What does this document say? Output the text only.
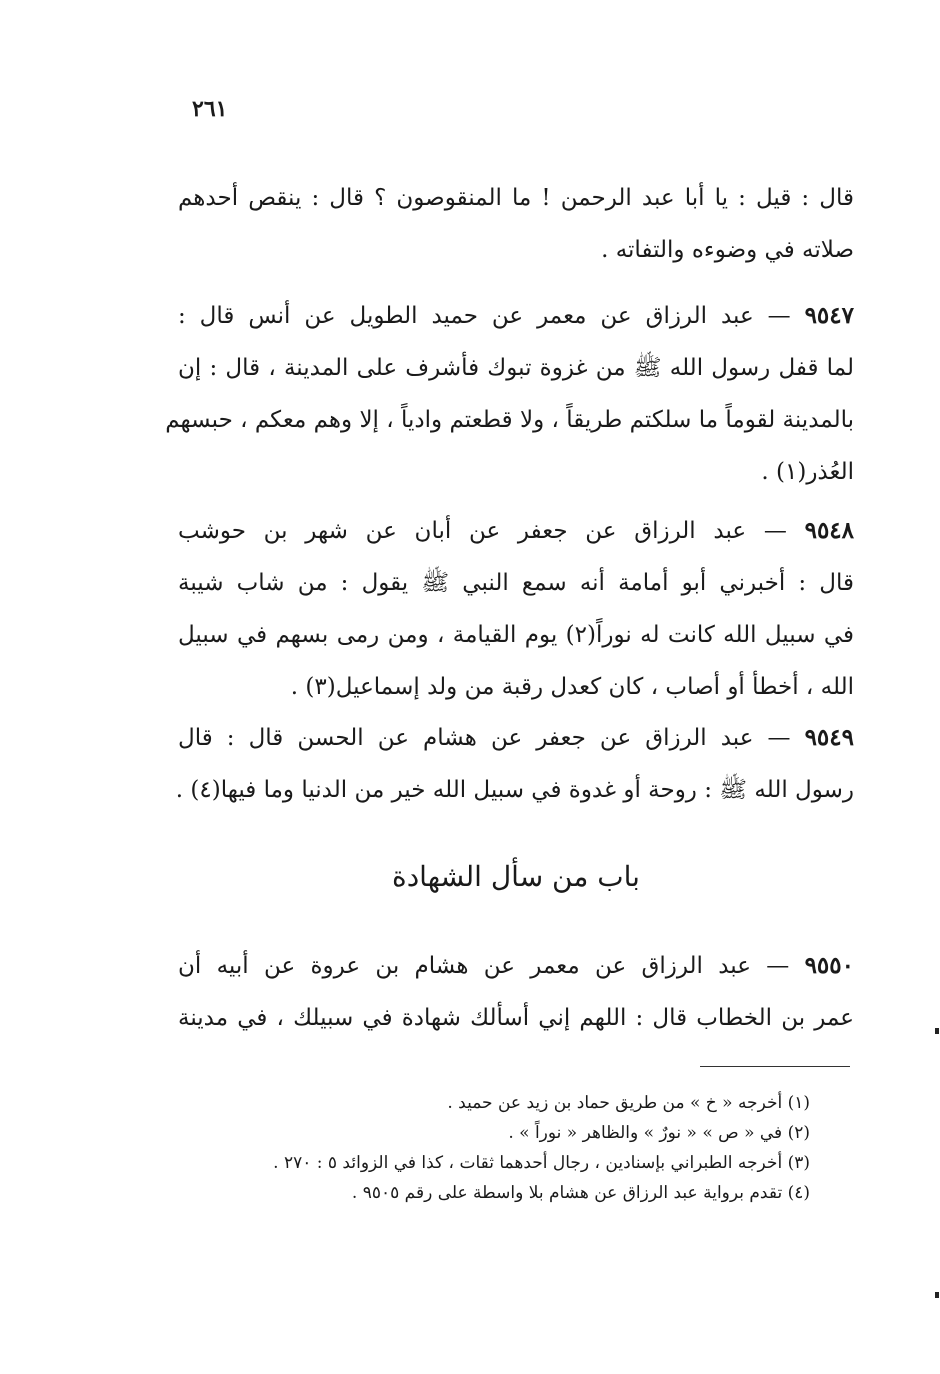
٢٦١
قال : قيل : يا أبا عبد الرحمن ! ما المنقوصون ؟ قال : ينقص أحدهم
صلاته في وضوءه والتفاته .
٩٥٤٧ — عبد الرزاق عن معمر عن حميد الطويل عن أنس قال :
لما قفل رسول الله ﷺ من غزوة تبوك فأشرف على المدينة ، قال : إن
بالمدينة لقوماً ما سلكتم طريقاً ، ولا قطعتم وادياً ، إلا وهم معكم ، حبسهم
العُذر(١) .
٩٥٤٨ — عبد الرزاق عن جعفر عن أبان عن شهر بن حوشب
قال : أخبرني أبو أمامة أنه سمع النبي ﷺ يقول : من شاب شيبة
في سبيل الله كانت له نوراً(٢) يوم القيامة ، ومن رمى بسهم في سبيل
الله ، أخطأ أو أصاب ، كان كعدل رقبة من ولد إسماعيل(٣) .
٩٥٤٩ — عبد الرزاق عن جعفر عن هشام عن الحسن قال : قال
رسول الله ﷺ : روحة أو غدوة في سبيل الله خير من الدنيا وما فيها(٤) .
باب من سأل الشهادة
٩٥٥٠ — عبد الرزاق عن معمر عن هشام بن عروة عن أبيه أن
عمر بن الخطاب قال : اللهم إني أسألك شهادة في سبيلك ، في مدينة
(١) أخرجه « خ » من طريق حماد بن زيد عن حميد .
(٢) في « ص » « نورٌ » والظاهر « نوراً » .
(٣) أخرجه الطبراني بإسنادين ، رجال أحدهما ثقات ، كذا في الزوائد ٥ : ٢٧٠ .
(٤) تقدم برواية عبد الرزاق عن هشام بلا واسطة على رقم ٩٥٠٥ .
